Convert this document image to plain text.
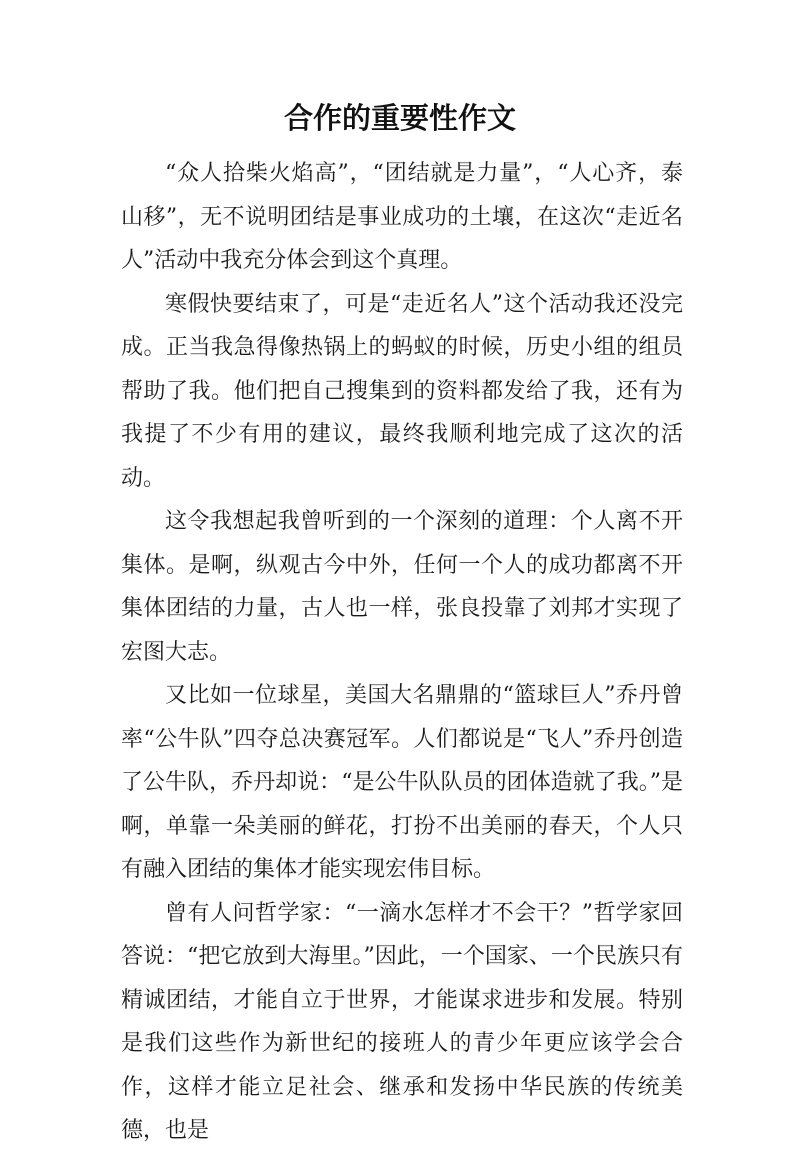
合作的重要性作文

“众人拾柴火焰高”，“团结就是力量”，“人心齐，泰山移”，无不说明团结是事业成功的土壤，在这次“走近名人”活动中我充分体会到这个真理。

寒假快要结束了，可是“走近名人”这个活动我还没完成。正当我急得像热锅上的蚂蚁的时候，历史小组的组员帮助了我。他们把自己搜集到的资料都发给了我，还有为我提了不少有用的建议，最终我顺利地完成了这次的活动。

这令我想起我曾听到的一个深刻的道理：个人离不开集体。是啊，纵观古今中外，任何一个人的成功都离不开集体团结的力量，古人也一样，张良投靠了刘邦才实现了宏图大志。

又比如一位球星，美国大名鼎鼎的“篮球巨人”乔丹曾率“公牛队”四夺总决赛冠军。人们都说是“飞人”乔丹创造了公牛队，乔丹却说：“是公牛队队员的团体造就了我。”是啊，单靠一朵美丽的鲜花，打扮不出美丽的春天，个人只有融入团结的集体才能实现宏伟目标。

曾有人问哲学家：“一滴水怎样才不会干？”哲学家回答说：“把它放到大海里。”因此，一个国家、一个民族只有精诚团结，才能自立于世界，才能谋求进步和发展。特别是我们这些作为新世纪的接班人的青少年更应该学会合作，这样才能立足社会、继承和发扬中华民族的传统美德，也是
